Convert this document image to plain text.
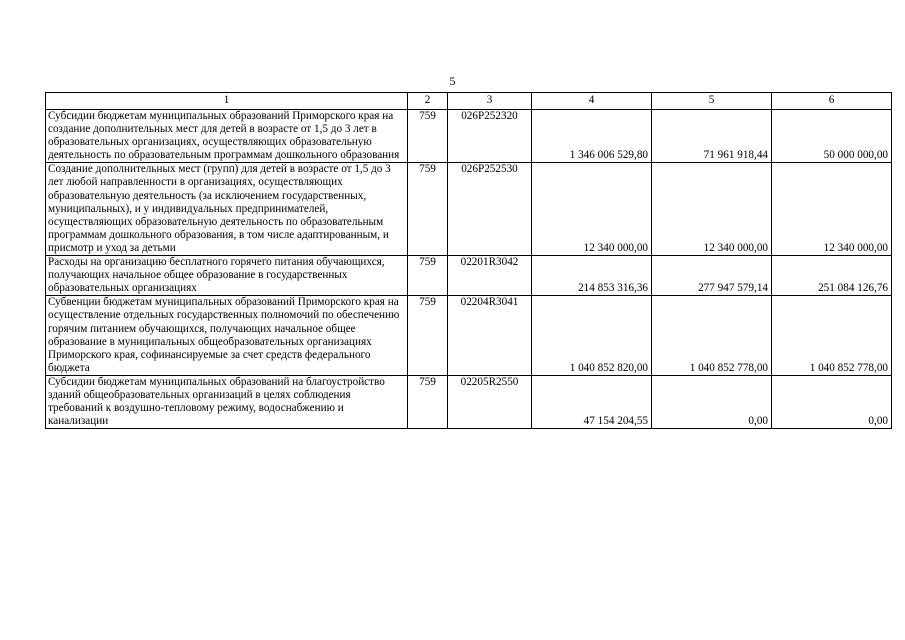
5
1	2	3	4	5	6
Субсидии бюджетам муниципальных образований Приморского края на создание дополнительных мест для детей в возрасте от 1,5 до 3 лет в образовательных организациях, осуществляющих образовательную деятельность по образовательным программам дошкольного образования	759	026P252320	1 346 006 529,80	71 961 918,44	50 000 000,00
Создание дополнительных мест (групп) для детей в возрасте от 1,5 до 3 лет любой направленности в организациях, осуществляющих образовательную деятельность (за исключением государственных, муниципальных), и у индивидуальных предпринимателей, осуществляющих образовательную деятельность по образовательным программам дошкольного образования, в том числе адаптированным, и присмотр и уход за детьми	759	026P252530	12 340 000,00	12 340 000,00	12 340 000,00
Расходы на организацию бесплатного горячего питания обучающихся, получающих начальное общее образование в государственных образовательных организациях	759	02201R3042	214 853 316,36	277 947 579,14	251 084 126,76
Субвенции бюджетам муниципальных образований Приморского края на осуществление отдельных государственных полномочий по обеспечению горячим питанием обучающихся, получающих начальное общее образование в муниципальных общеобразовательных организациях Приморского края, софинансируемые за счет средств федерального бюджета	759	02204R3041	1 040 852 820,00	1 040 852 778,00	1 040 852 778,00
Субсидии бюджетам муниципальных образований на благоустройство зданий общеобразовательных организаций в целях соблюдения требований к воздушно-тепловому режиму, водоснабжению и канализации	759	02205R2550	47 154 204,55	0,00	0,00
